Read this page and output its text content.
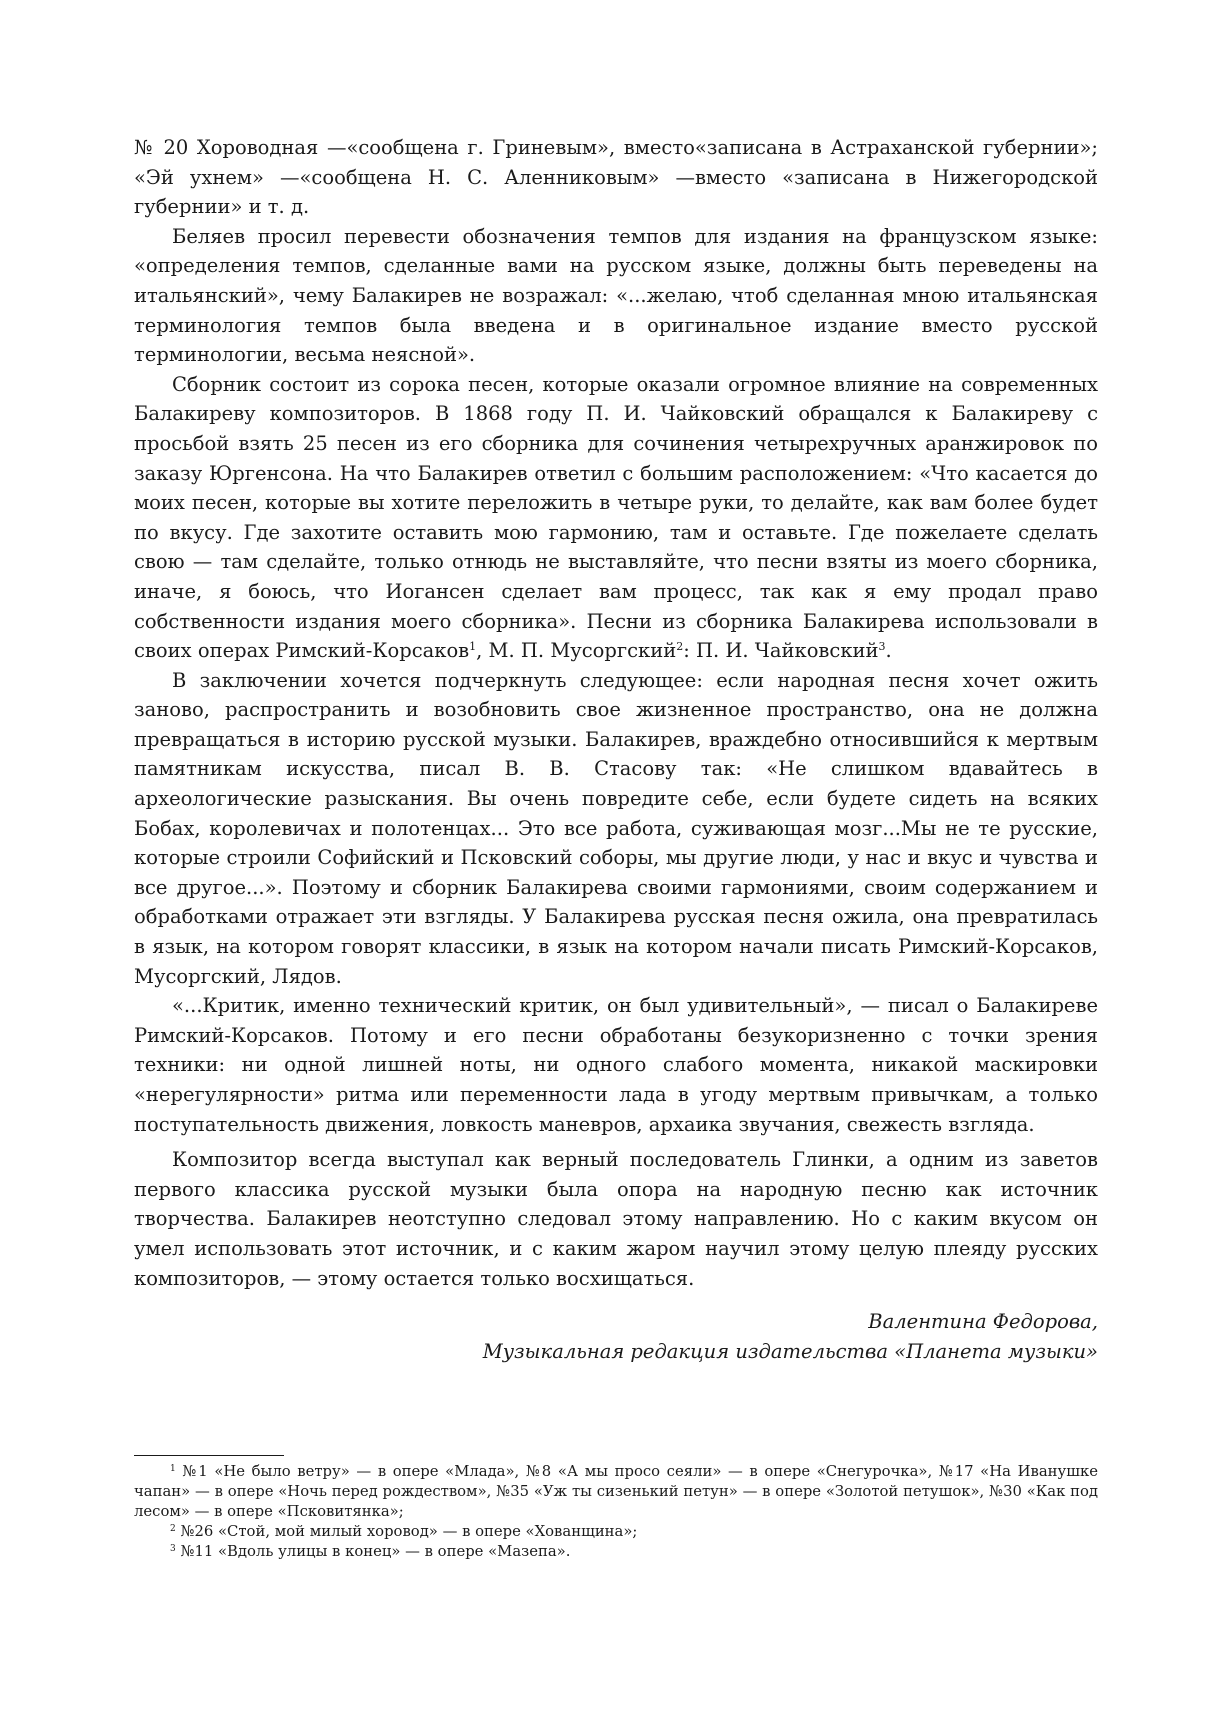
№ 20 Хороводная —«сообщена г. Гриневым», вместо«записана в Астраханской губернии»; «Эй ухнем» —«сообщена Н. С. Аленниковым» —вместо «записана в Нижегородской губернии» и т. д.

Беляев просил перевести обозначения темпов для издания на французском языке: «определения темпов, сделанные вами на русском языке, должны быть переведены на итальянский», чему Балакирев не возражал: «...желаю, чтоб сделанная мною итальянская терминология темпов была введена и в оригинальное издание вместо русской терминологии, весьма неясной».

Сборник состоит из сорока песен, которые оказали огромное влияние на современных Балакиреву композиторов. В 1868 году П. И. Чайковский обращался к Балакиреву с просьбой взять 25 песен из его сборника для сочинения четырехручных аранжировок по заказу Юргенсона. На что Балакирев ответил с большим расположением: «Что касается до моих песен, которые вы хотите переложить в четыре руки, то делайте, как вам более будет по вкусу. Где захотите оставить мою гармонию, там и оставьте. Где пожелаете сделать свою — там сделайте, только отнюдь не выставляйте, что песни взяты из моего сборника, иначе, я боюсь, что Иогансен сделает вам процесс, так как я ему продал право собственности издания моего сборника». Песни из сборника Балакирева использовали в своих операх Римский-Корсаков$^1$, М. П. Мусоргский$^2$: П. И. Чайковский$^3$.

В заключении хочется подчеркнуть следующее: если народная песня хочет ожить заново, распространить и возобновить свое жизненное пространство, она не должна превращаться в историю русской музыки. Балакирев, враждебно относившийся к мертвым памятникам искусства, писал В. В. Стасову так: «Не слишком вдавайтесь в археологические разыскания. Вы очень повредите себе, если будете сидеть на всяких Бобах, королевичах и полотенцах... Это все работа, суживающая мозг...Мы не те русские, которые строили Софийский и Псковский соборы, мы другие люди, у нас и вкус и чувства и все другое...». Поэтому и сборник Балакирева своими гармониями, своим содержанием и обработками отражает эти взгляды. У Балакирева русская песня ожила, она превратилась в язык, на котором говорят классики, в язык на котором начали писать Римский-Корсаков, Мусоргский, Лядов.

«...Критик, именно технический критик, он был удивительный», — писал о Балакиреве Римский-Корсаков. Потому и его песни обработаны безукоризненно с точки зрения техники: ни одной лишней ноты, ни одного слабого момента, никакой маскировки «нерегулярности» ритма или переменности лада в угоду мертвым привычкам, а только поступательность движения, ловкость маневров, архаика звучания, свежесть взгляда.

Композитор всегда выступал как верный последователь Глинки, а одним из заветов первого классика русской музыки была опора на народную песню как источник творчества. Балакирев неотступно следовал этому направлению. Но с каким вкусом он умел использовать этот источник, и с каким жаром научил этому целую плеяду русских композиторов, — этому остается только восхищаться.

Валентина Федорова,
Музыкальная редакция издательства «Планета музыки»

$^1$ №1 «Не было ветру» — в опере «Млада», №8 «А мы просо сеяли» — в опере «Снегурочка», №17 «На Иванушке чапан» — в опере «Ночь перед рождеством», №35 «Уж ты сизенький петун» — в опере «Золотой петушок», №30 «Как под лесом» — в опере «Псковитянка»;

$^2$ №26 «Стой, мой милый хоровод» — в опере «Хованщина»;

$^3$ №11 «Вдоль улицы в конец» — в опере «Мазепа».
